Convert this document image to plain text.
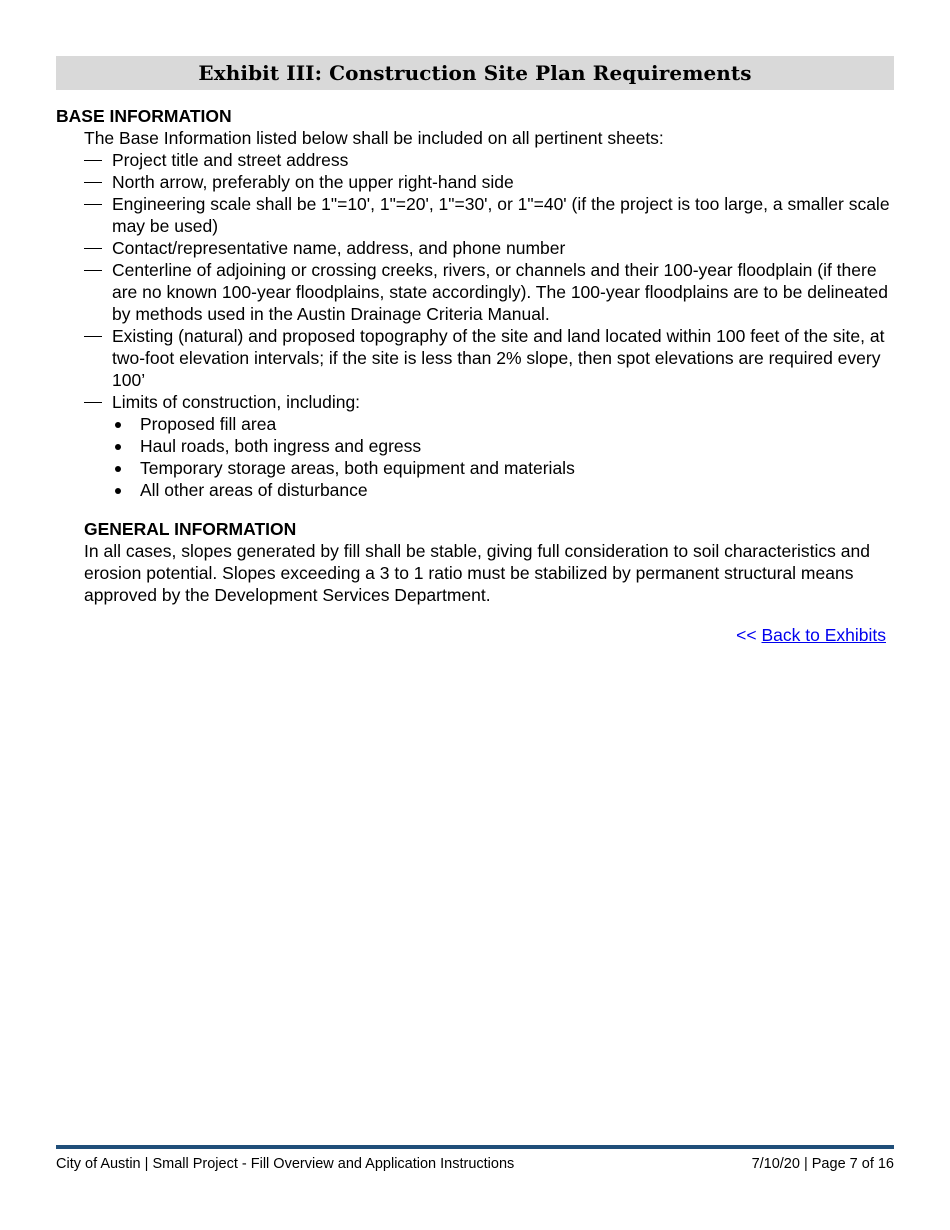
Exhibit III: Construction Site Plan Requirements
BASE INFORMATION

The Base Information listed below shall be included on all pertinent sheets:

Project title and street address
North arrow, preferably on the upper right-hand side
Engineering scale shall be 1"=10', 1"=20', 1"=30', or 1"=40' (if the project is too large, a smaller scale may be used)
Contact/representative name, address, and phone number
Centerline of adjoining or crossing creeks, rivers, or channels and their 100-year floodplain (if there are no known 100-year floodplains, state accordingly). The 100-year floodplains are to be delineated by methods used in the Austin Drainage Criteria Manual.
Existing (natural) and proposed topography of the site and land located within 100 feet of the site, at two-foot elevation intervals; if the site is less than 2% slope, then spot elevations are required every 100’
Limits of construction, including:
Proposed fill area
Haul roads, both ingress and egress
Temporary storage areas, both equipment and materials
All other areas of disturbance
GENERAL INFORMATION

In all cases, slopes generated by fill shall be stable, giving full consideration to soil characteristics and erosion potential. Slopes exceeding a 3 to 1 ratio must be stabilized by permanent structural means approved by the Development Services Department.

<< Back to Exhibits
City of Austin | Small Project - Fill Overview and Application Instructions	7/10/20 | Page 7 of 16
